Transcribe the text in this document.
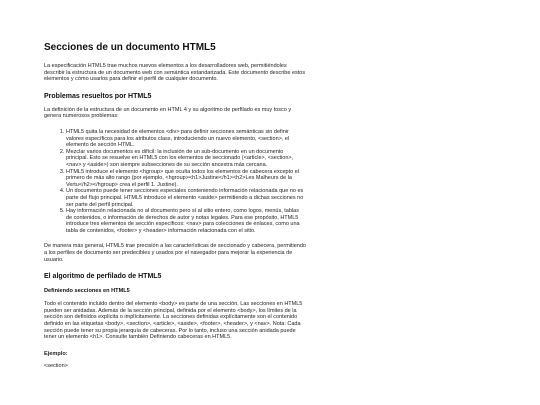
Secciones de un documento HTML5

La especificación HTML5 trae muchos nuevos elementos a los desarrolladores web, permitiéndoles describir la estructura de un documento web con semántica estandarizada. Este documento describe estos elementos y cómo usarlos para definir el perfil de cualquier documento.

Problemas resueltos por HTML5

La definición de la estructura de un documento en HTML 4 y su algoritmo de perfilado es muy tosco y genera numerosos problemas:

1. HTML5 quita la necesidad de elementos <div> para definir secciones semánticas sin definir valores específicos para los atributos class, introduciendo un nuevo elemento, <section>, el elemento de sección HTML.
2. Mezclar varios documentos es difícil: la inclusión de un sub-documento en un documento principal. Esto se resuelve en HTML5 con los elementos de seccionado (<article>, <section>, <nav> y <aside>) son siempre subsecciones de su sección ancestra más cercana.
3. HTML5 introduce el elemento <hgroup> que oculta todos los elementos de cabecera excepto el primero de más alto rango (por ejemplo, <hgroup><h1>Justine</h1><h2>Les Malheurs de la Vertu</h2></hgroup> crea el perfil 1. Justine).
4. Un documento puede tener secciones especiales conteniendo información relacionada que no es parte del flujo principal. HTML5 introduce el elemento <aside> permitiendo a dichas secciones no ser parte del perfil principal.
5. Hay información relacionada no al documento pero sí al sitio entero, como logos, menús, tablas de contenidos, o información de derechos de autor y notas legales. Para ese propósito, HTML5 introduce tres elementos de sección específicos: <nav> para colecciones de enlaces, como una tabla de contenidos, <footer> y <header> información relacionada con el sitio.

De manera más general, HTML5 trae precisión a las características de seccionado y cabecera, permitiendo a los perfiles de documento ser predecibles y usados por el navegador para mejorar la experiencia de usuario.

El algoritmo de perfilado de HTML5
Definiendo secciones en HTML5

Todo el contenido incluido dentro del elemento <body> es parte de una sección. Las secciones en HTML5 pueden ser anidadas. Además de la sección principal, definida por el elemento <body>, los límites de la sección son definidos explícita o implícitamente. La secciones definidas explícitamente son el contenido definido en las etiquetas <body>, <section>, <article>, <aside>, <footer>, <header>, y <nav>. Nota: Cada sección puede tener su propia jerarquía de cabeceras. Por lo tanto, incluso una sección anidada puede tener un elemento <h1>. Consulte también Definiendo cabeceras en HTML5.

Ejemplo:
<section>
